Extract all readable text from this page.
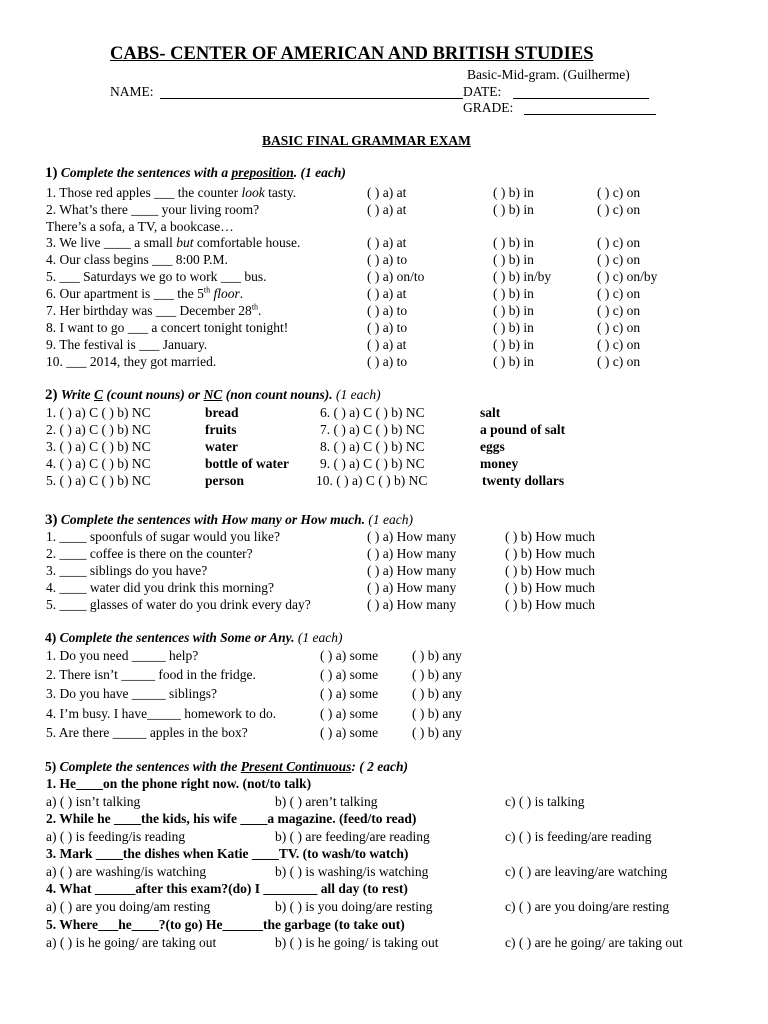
CABS- CENTER OF AMERICAN AND BRITISH STUDIES
Basic-Mid-gram. (Guilherme)
NAME:	DATE:
GRADE:
BASIC FINAL GRAMMAR EXAM
1) Complete the sentences with a preposition. (1 each)
1. Those red apples ___ the counter look tasty.	( ) a) at	( ) b) in	( ) c) on
2. What’s there ____ your living room?	( ) a) at	( ) b) in	( ) c) on
There’s a sofa, a TV, a bookcase…
3. We live ____ a small but comfortable house.	( ) a) at	( ) b) in	( ) c) on
4. Our class begins ___ 8:00 P.M.	( ) a) to	( ) b) in	( ) c) on
5. ___ Saturdays we go to work ___ bus.	( ) a) on/to	( ) b) in/by	( ) c) on/by
6. Our apartment is ___ the 5th floor.	( ) a) at	( ) b) in	( ) c) on
7. Her birthday was ___ December 28th.	( ) a) to	( ) b) in	( ) c) on
8. I want to go ___ a concert tonight tonight!	( ) a) to	( ) b) in	( ) c) on
9. The festival is ___ January.	( ) a) at	( ) b) in	( ) c) on
10. ___ 2014, they got married.	( ) a) to	( ) b) in	( ) c) on
2) Write C (count nouns) or NC (non count nouns). (1 each)
1. ( ) a) C ( ) b) NC	bread
2. ( ) a) C ( ) b) NC	fruits
3. ( ) a) C ( ) b) NC	water
4. ( ) a) C ( ) b) NC	bottle of water
5. ( ) a) C ( ) b) NC	person
6. ( ) a) C ( ) b) NC	salt
7. ( ) a) C ( ) b) NC	a pound of salt
8. ( ) a) C ( ) b) NC	eggs
9. ( ) a) C ( ) b) NC	money
10. ( ) a) C ( ) b) NC	twenty dollars
3) Complete the sentences with How many or How much. (1 each)
1. ____ spoonfuls of sugar would you like?	( ) a) How many	( ) b) How much
2. ____ coffee is there on the counter?	( ) a) How many	( ) b) How much
3. ____ siblings do you have?	( ) a) How many	( ) b) How much
4. ____ water did you drink this morning?	( ) a) How many	( ) b) How much
5. ____ glasses of water do you drink every day?	( ) a) How many	( ) b) How much
4) Complete the sentences with Some or Any. (1 each)
1. Do you need _____ help?	( ) a) some	( ) b) any
2. There isn’t _____ food in the fridge.	( ) a) some	( ) b) any
3. Do you have _____ siblings?	( ) a) some	( ) b) any
4. I’m busy. I have_____ homework to do.	( ) a) some	( ) b) any
5. Are there _____ apples in the box?	( ) a) some	( ) b) any
5) Complete the sentences with the Present Continuous: ( 2 each)
1. He____on the phone right now. (not/to talk)
a) ( ) isn’t talking	b) ( ) aren’t talking	c) ( ) is talking
2. While he ____the kids, his wife ____a magazine. (feed/to read)
a) ( ) is feeding/is reading	b) ( ) are feeding/are reading	c) ( ) is feeding/are reading
3. Mark ____the dishes when Katie ____TV. (to wash/to watch)
a) ( ) are washing/is watching	b) ( ) is washing/is watching	c) ( ) are leaving/are watching
4. What ______after this exam?(do) I ________ all day (to rest)
a) ( ) are you doing/am resting	b) ( ) is you doing/are resting	c) ( ) are you doing/are resting
5. Where___he____?(to go) He______the garbage (to take out)
a) ( ) is he going/ are taking out	b) ( ) is he going/ is taking out	c) ( ) are he going/ are taking out
